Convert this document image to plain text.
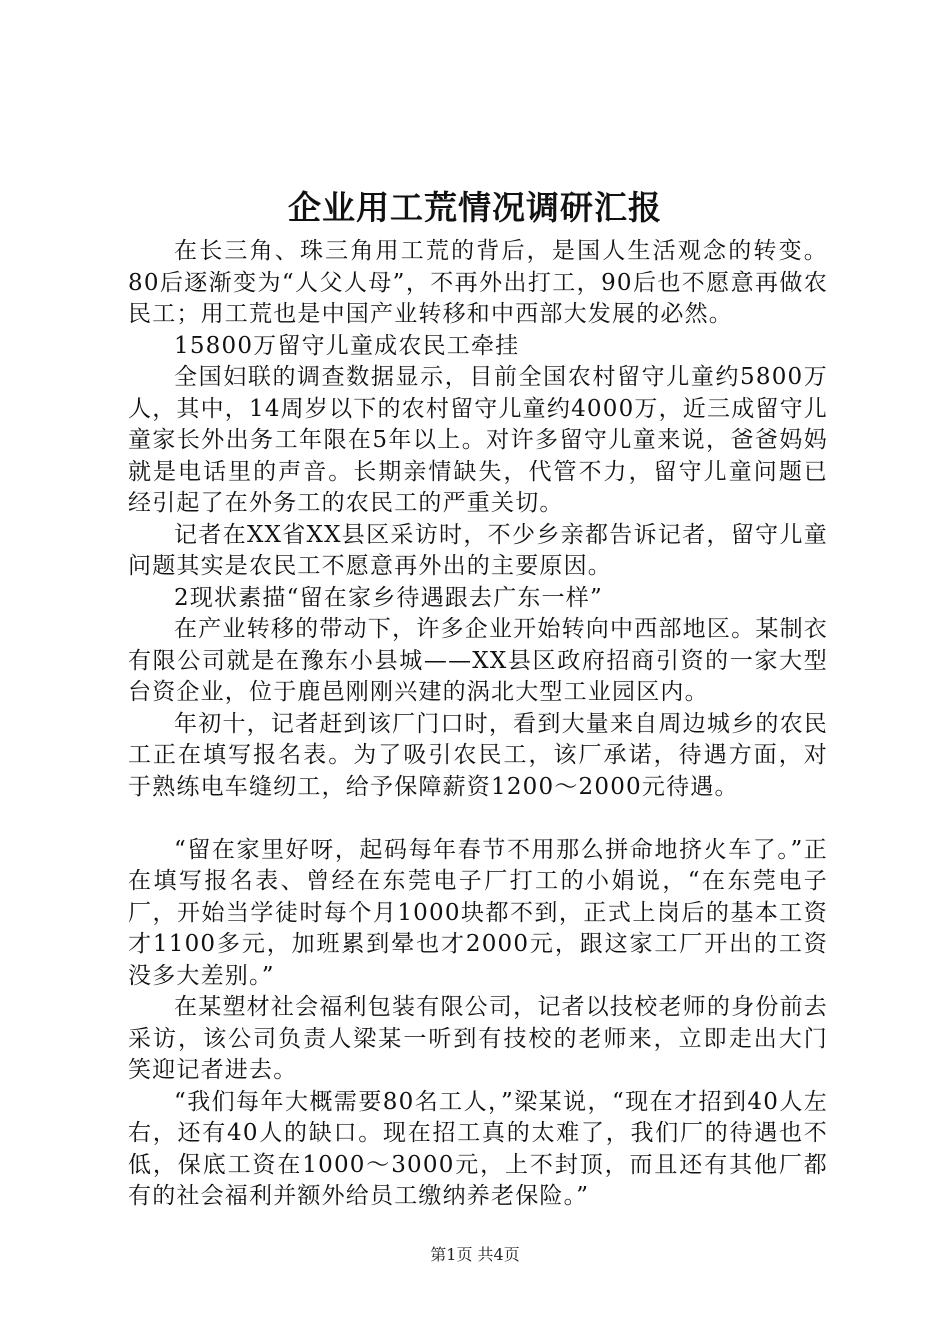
企业用工荒情况调研汇报

在长三角、珠三角用工荒的背后，是国人生活观念的转变。80后逐渐变为“人父人母”，不再外出打工，90后也不愿意再做农民工；用工荒也是中国产业转移和中西部大发展的必然。

15800万留守儿童成农民工牵挂

全国妇联的调查数据显示，目前全国农村留守儿童约5800万人，其中，14周岁以下的农村留守儿童约4000万，近三成留守儿童家长外出务工年限在5年以上。对许多留守儿童来说，爸爸妈妈就是电话里的声音。长期亲情缺失，代管不力，留守儿童问题已经引起了在外务工的农民工的严重关切。

记者在XX省XX县区采访时，不少乡亲都告诉记者，留守儿童问题其实是农民工不愿意再外出的主要原因。

2现状素描“留在家乡待遇跟去广东一样”

在产业转移的带动下，许多企业开始转向中西部地区。某制衣有限公司就是在豫东小县城——XX县区政府招商引资的一家大型台资企业，位于鹿邑刚刚兴建的涡北大型工业园区内。

年初十，记者赶到该厂门口时，看到大量来自周边城乡的农民工正在填写报名表。为了吸引农民工，该厂承诺，待遇方面，对于熟练电车缝纫工，给予保障薪资1200～2000元待遇。

“留在家里好呀，起码每年春节不用那么拼命地挤火车了。”正在填写报名表、曾经在东莞电子厂打工的小娟说，“在东莞电子厂，开始当学徒时每个月1000块都不到，正式上岗后的基本工资才1100多元，加班累到晕也才2000元，跟这家工厂开出的工资没多大差别。”

在某塑材社会福利包装有限公司，记者以技校老师的身份前去采访，该公司负责人梁某一听到有技校的老师来，立即走出大门笑迎记者进去。

“我们每年大概需要80名工人，”梁某说，“现在才招到40人左右，还有40人的缺口。现在招工真的太难了，我们厂的待遇也不低，保底工资在1000～3000元，上不封顶，而且还有其他厂都有的社会福利并额外给员工缴纳养老保险。”

第1页 共4页
